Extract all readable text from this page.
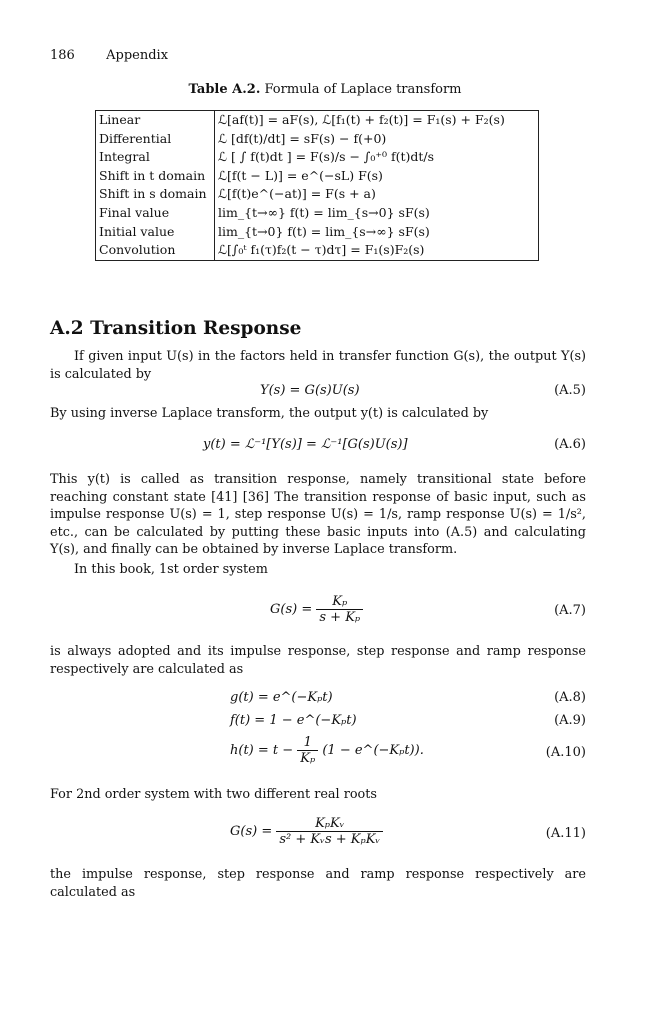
186 Appendix
Table A.2. Formula of Laplace transform
Linear	ℒ[af(t)] = aF(s), ℒ[f₁(t) + f₂(t)] = F₁(s) + F₂(s)
Differential	ℒ [df(t)/dt] = sF(s) − f(+0)
Integral	ℒ [ ∫ f(t)dt ] = F(s)/s − ∫₀⁺⁰ f(t)dt/s
Shift in t domain	ℒ[f(t − L)] = e^(−sL) F(s)
Shift in s domain	ℒ[f(t)e^(−at)] = F(s + a)
Final value	lim_{t→∞} f(t) = lim_{s→0} sF(s)
Initial value	lim_{t→0} f(t) = lim_{s→∞} sF(s)
Convolution	ℒ[∫₀ᵗ f₁(τ)f₂(t − τ)dτ] = F₁(s)F₂(s)
A.2 Transition Response
If given input U(s) in the factors held in transfer function G(s), the output Y(s) is calculated by
Y(s) = G(s)U(s)	(A.5)
By using inverse Laplace transform, the output y(t) is calculated by
y(t) = ℒ⁻¹[Y(s)] = ℒ⁻¹[G(s)U(s)]	(A.6)
This y(t) is called as transition response, namely transitional state before reaching constant state [41] [36] The transition response of basic input, such as impulse response U(s) = 1, step response U(s) = 1/s, ramp response U(s) = 1/s², etc., can be calculated by putting these basic inputs into (A.5) and calculating Y(s), and finally can be obtained by inverse Laplace transform.
In this book, 1st order system
$G(s) = \frac{\text{Kₚ}}{\text{s + Kₚ}}$	(A.7)
is always adopted and its impulse response, step response and ramp response respectively are calculated as
g(t) = e^(−Kₚt)	(A.8)
f(t) = 1 − e^(−Kₚt)	(A.9)
$h(t) = t - \frac{1}{\text{Kₚ}} (1$ − e^(−Kₚt)).	(A.10)
For 2nd order system with two different real roots
$G(s) = \frac{\text{KₚKᵥ}}{\text{s² + Kᵥs + KₚKᵥ}}$	(A.11)
the impulse response, step response and ramp response respectively are calculated as
